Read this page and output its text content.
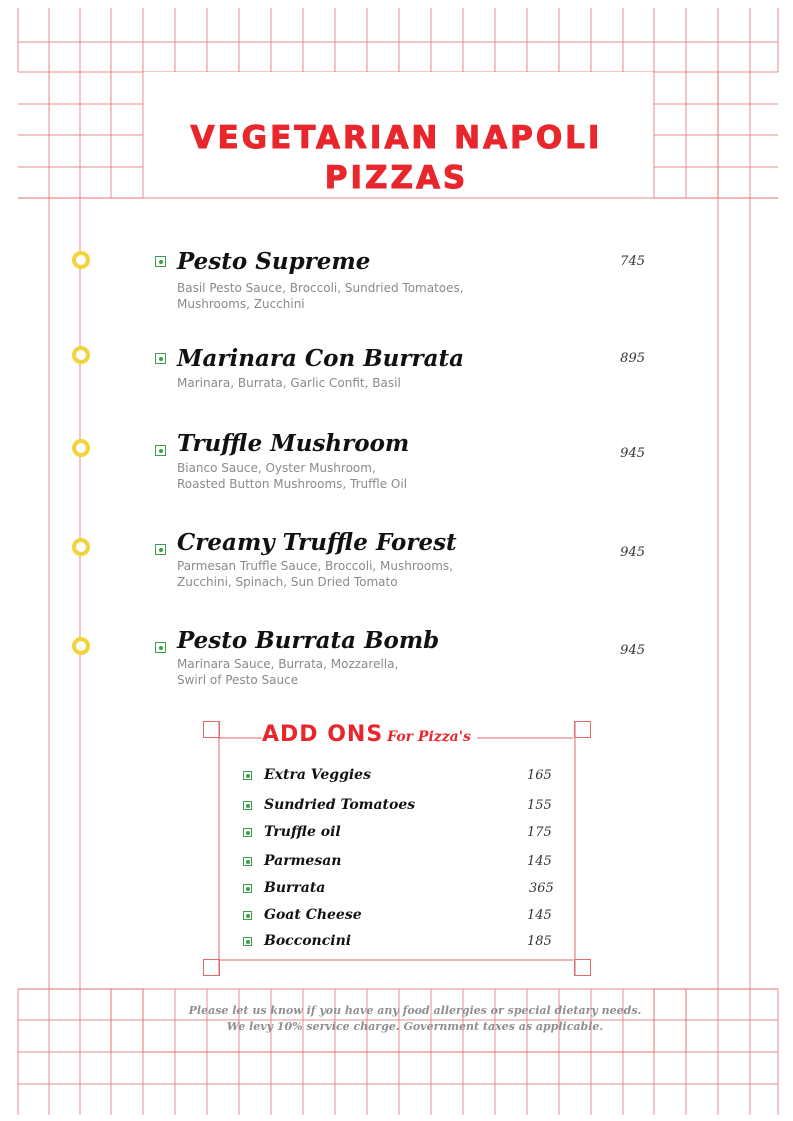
VEGETARIAN NAPOLI
PIZZAS
Pesto Supreme
Basil Pesto Sauce, Broccoli, Sundried Tomatoes,
Mushrooms, Zucchini
745
Marinara Con Burrata
Marinara, Burrata, Garlic Confit, Basil
895
Truffle Mushroom
Bianco Sauce, Oyster Mushroom,
Roasted Button Mushrooms, Truffle Oil
945
Creamy Truffle Forest
Parmesan Truffle Sauce, Broccoli, Mushrooms,
Zucchini, Spinach, Sun Dried Tomato
945
Pesto Burrata Bomb
Marinara Sauce, Burrata, Mozzarella,
Swirl of Pesto Sauce
945
ADD ONS For Pizza's
Extra Veggies	165
Sundried Tomatoes	155
Truffle oil	175
Parmesan	145
Burrata	365
Goat Cheese	145
Bocconcini	185
Please let us know if you have any food allergies or special dietary needs.
We levy 10% service charge. Government taxes as applicable.
